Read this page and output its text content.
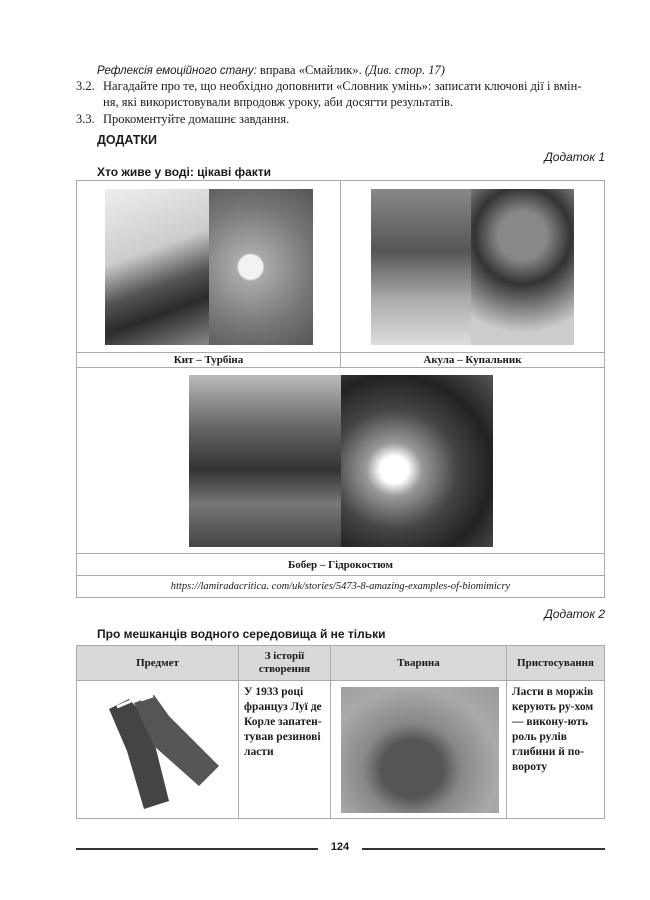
Рефлексія емоційного стану: вправа «Смайлик». (Див. стор. 17)
3.2. Нагадайте про те, що необхідно доповнити «Словник умінь»: записати ключові дії і вмін-
ня, які використовували впродовж уроку, аби досягти результатів.
3.3. Прокоментуйте домашнє завдання.
ДОДАТКИ
Додаток 1
Хто живе у воді: цікаві факти
Кит – Турбіна	Акула – Купальник
Бобер – Гідрокостюм
https://lamiradacritica. com/uk/stories/5473-8-amazing-examples-of-biomimicry
Додаток 2
Про мешканців водного середовища й не тільки
Предмет
З історії створення
Тварина	Пристосування
У 1933 році француз Луї де Корле запатен-тував резинові ласти
Ласти в моржів керують ру-хом — викону-ють роль рулів глибини й по-вороту
124
